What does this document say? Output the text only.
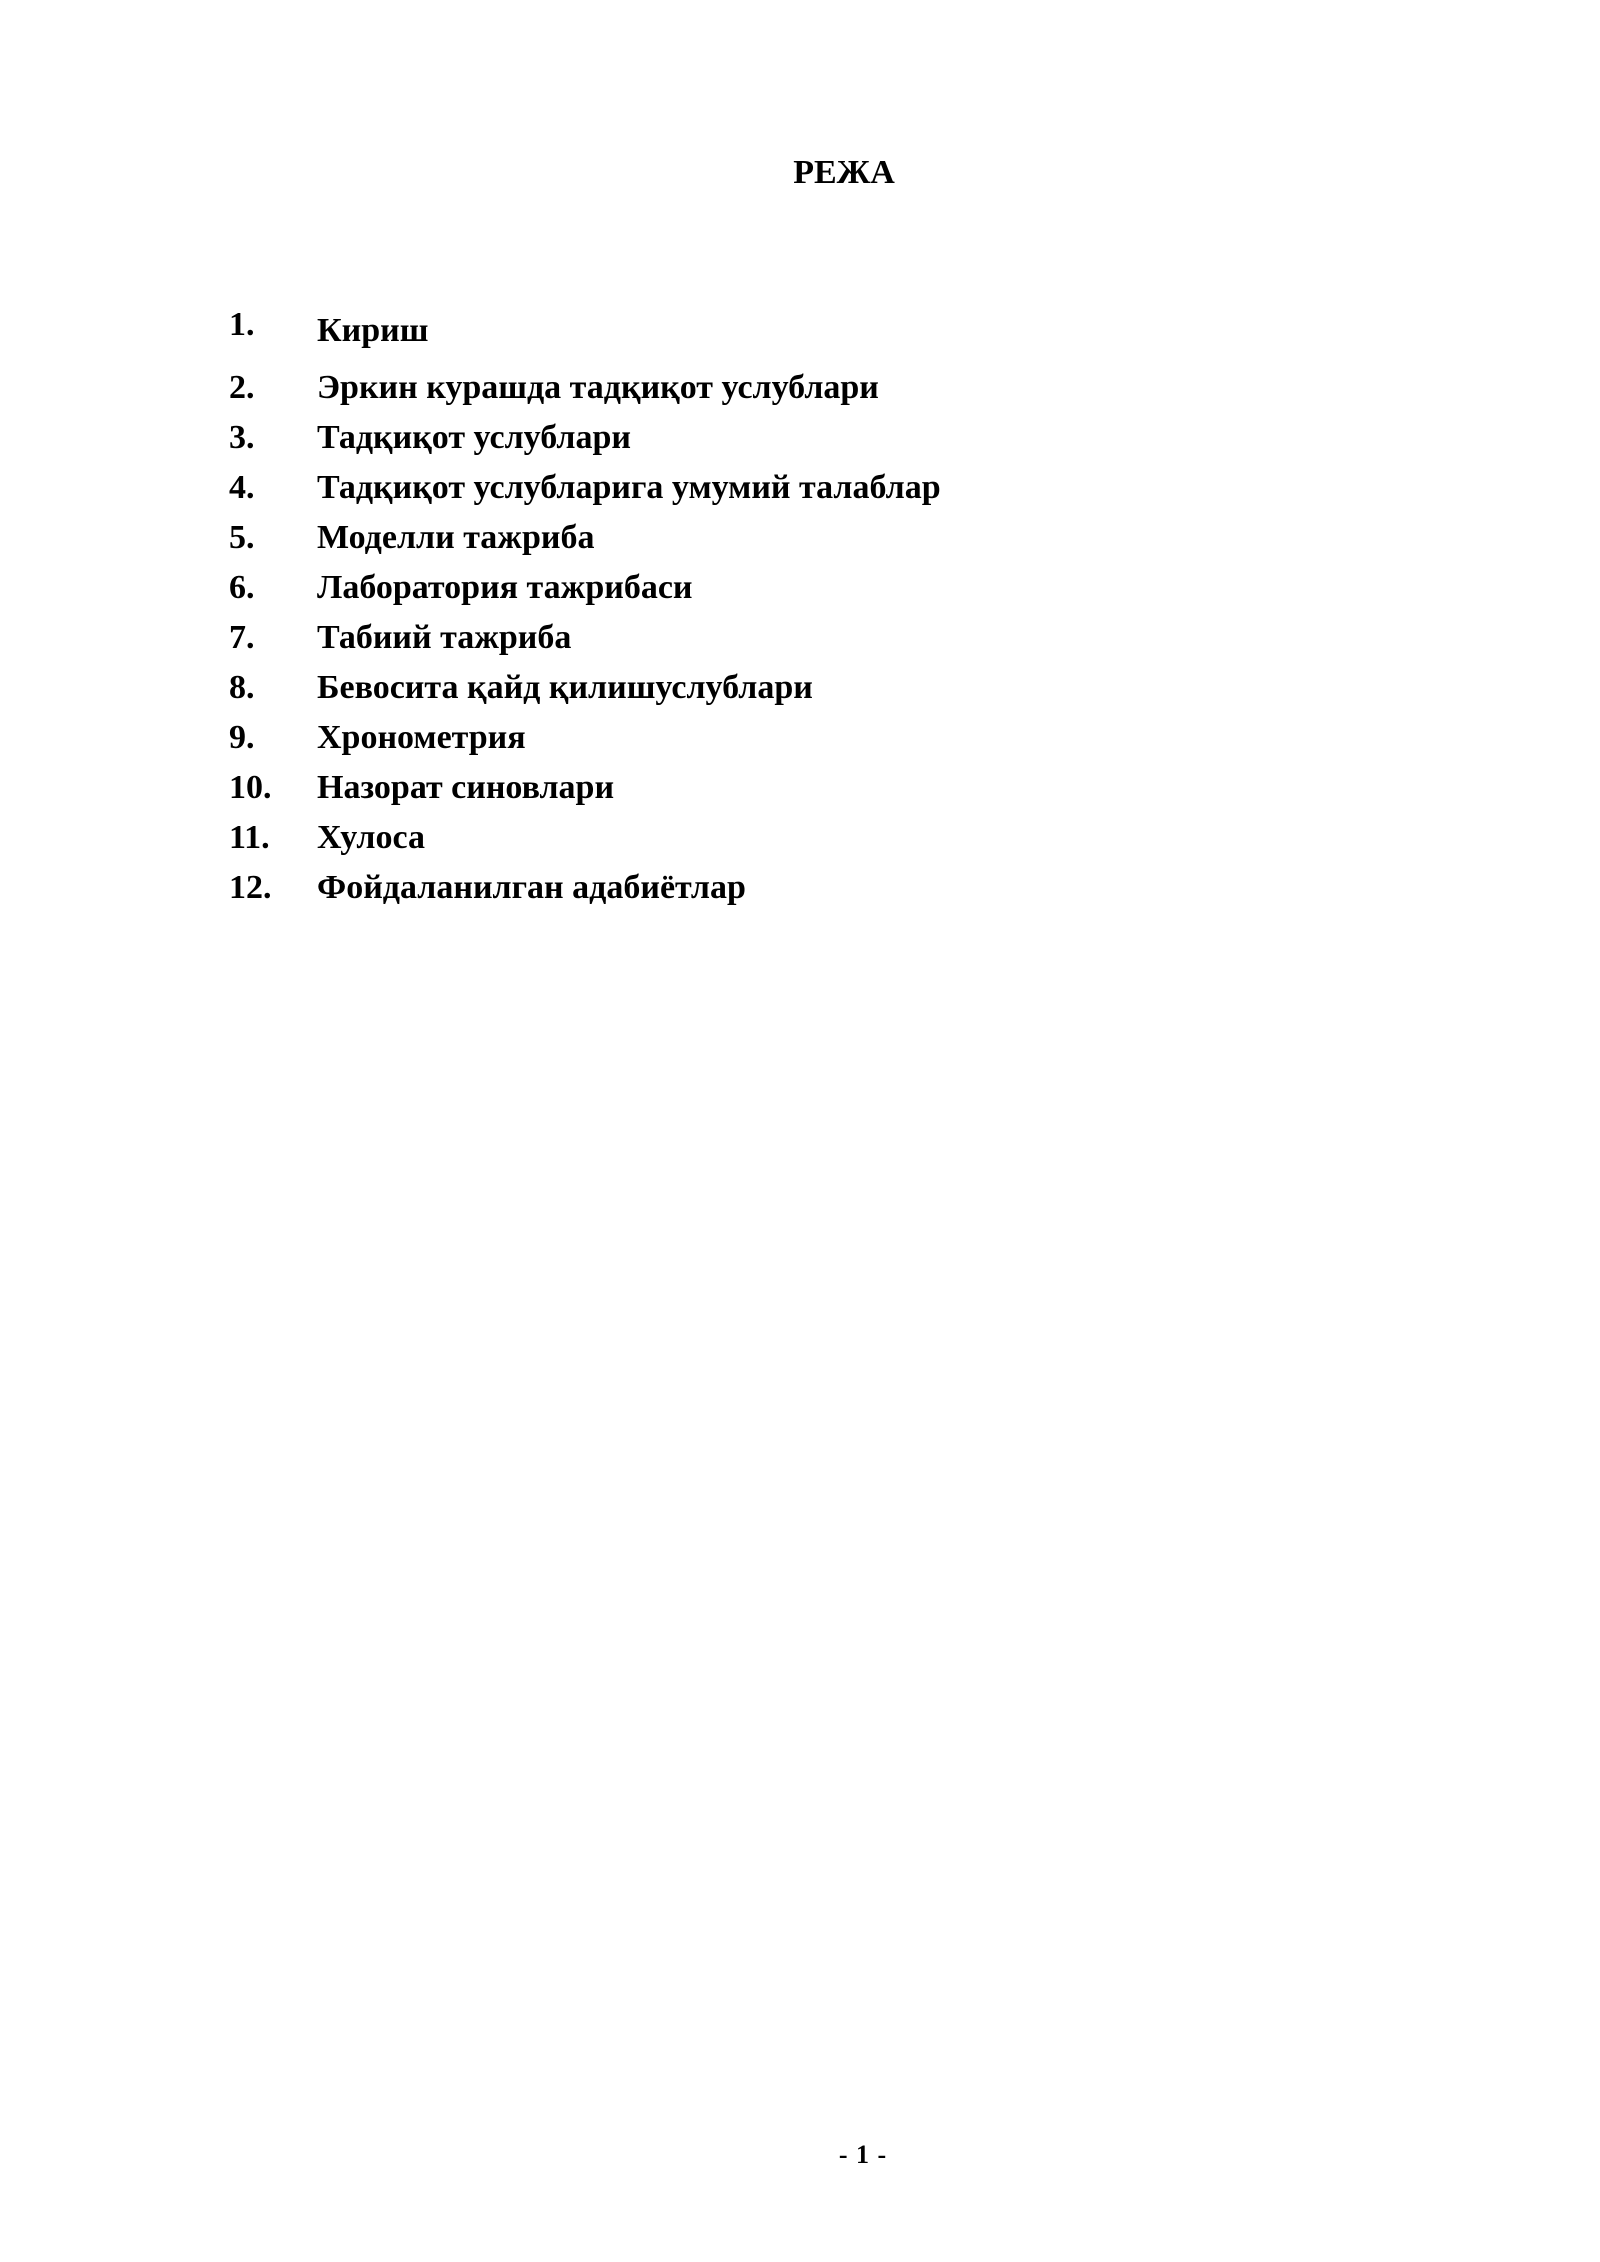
РЕЖА
1.	Кириш
2.	Эркин курашда тадқиқот услублари
3.	Тадқиқот услублари
4.	Тадқиқот услубларига умумий талаблар
5.	Моделли тажриба
6.	Лаборатория тажрибаси
7.	Табиий тажриба
8.	Бевосита қайд қилишуслублари
9.	Хронометрия
10.	Назорат синовлари
11.	Хулоса
12.	Фойдаланилган адабиётлар
- 1 -
